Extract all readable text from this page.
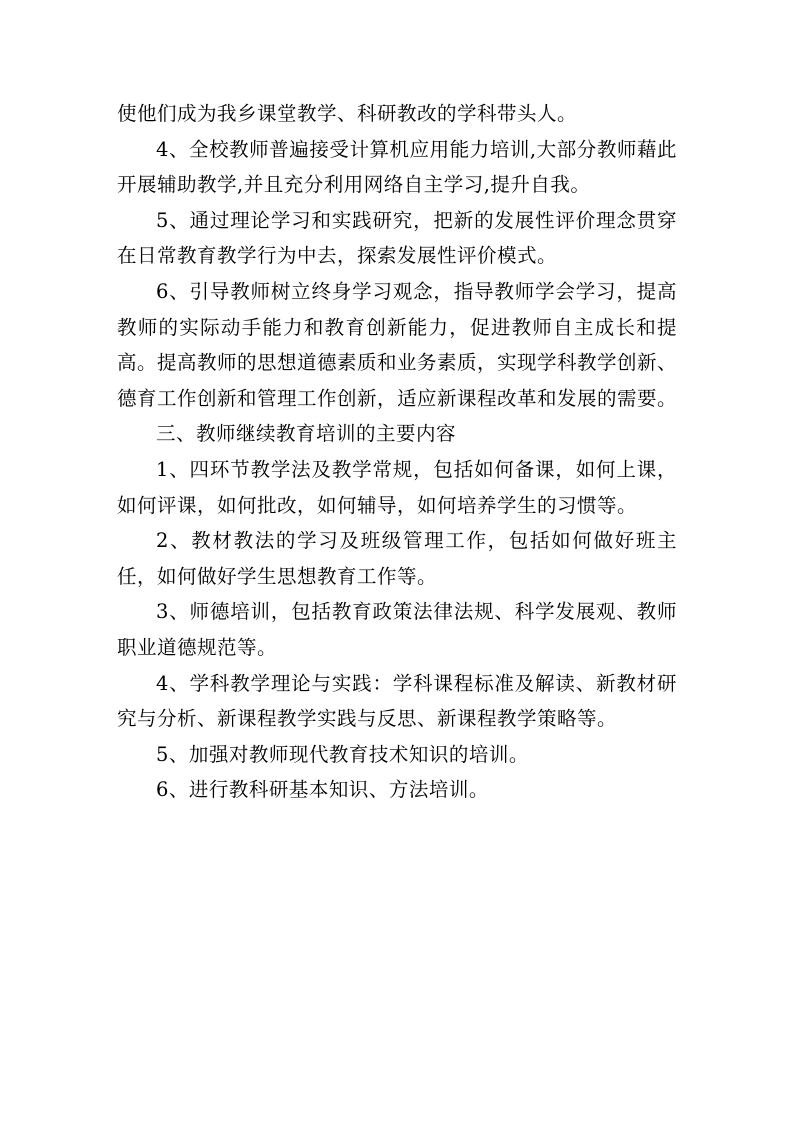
使他们成为我乡课堂教学、科研教改的学科带头人。

4、全校教师普遍接受计算机应用能力培训,大部分教师藉此开展辅助教学,并且充分利用网络自主学习,提升自我。

5、通过理论学习和实践研究，把新的发展性评价理念贯穿在日常教育教学行为中去，探索发展性评价模式。

6、引导教师树立终身学习观念，指导教师学会学习，提高教师的实际动手能力和教育创新能力，促进教师自主成长和提高。提高教师的思想道德素质和业务素质，实现学科教学创新、德育工作创新和管理工作创新，适应新课程改革和发展的需要。

三、教师继续教育培训的主要内容

1、四环节教学法及教学常规，包括如何备课，如何上课，如何评课，如何批改，如何辅导，如何培养学生的习惯等。

2、教材教法的学习及班级管理工作，包括如何做好班主任，如何做好学生思想教育工作等。

3、师德培训，包括教育政策法律法规、科学发展观、教师职业道德规范等。

4、学科教学理论与实践：学科课程标准及解读、新教材研究与分析、新课程教学实践与反思、新课程教学策略等。

5、加强对教师现代教育技术知识的培训。

6、进行教科研基本知识、方法培训。
